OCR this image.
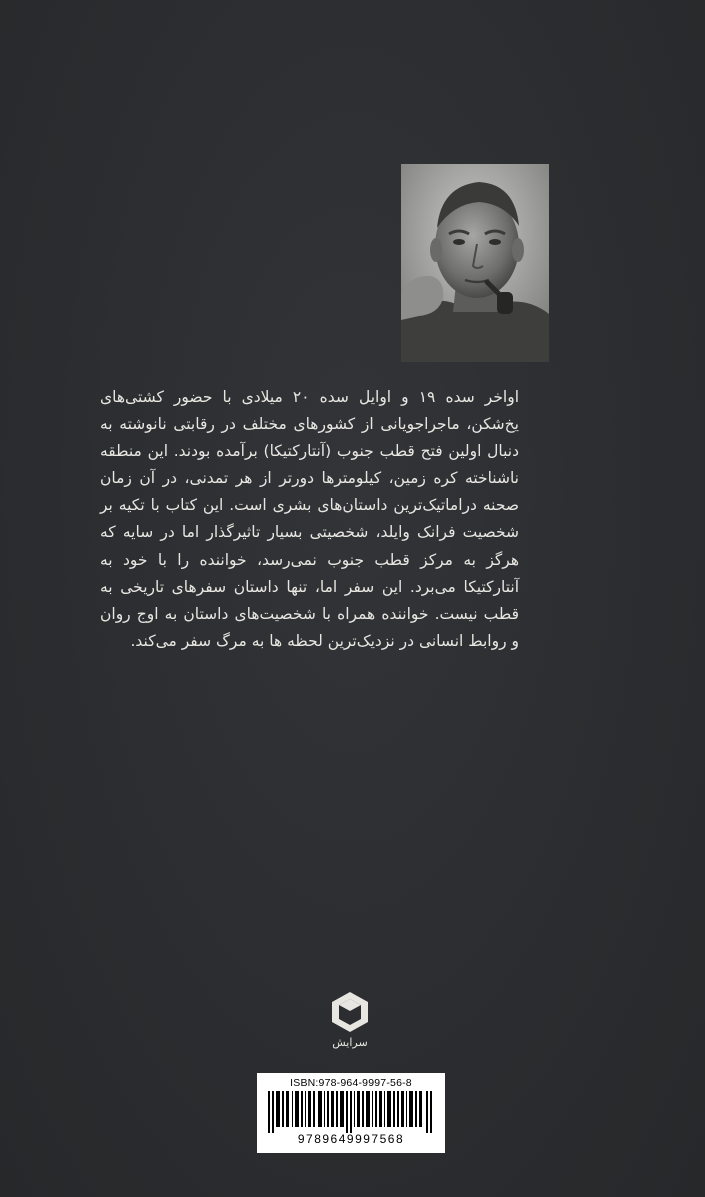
اواخر سده ۱۹ و اوایل سده ۲۰ میلادی با حضور کشتی‌های یخ‌شکن، ماجراجویانی از کشورهای مختلف در رقابتی نانوشته به دنبال اولین فتح قطب جنوب (آنتارکتیکا) برآمده بودند. این منطقه ناشناخته کره زمین، کیلومترها دورتر از هر تمدنی، در آن زمان صحنه دراماتیک‌ترین داستان‌های بشری است. این کتاب با تکیه بر شخصیت فرانک وایلد، شخصیتی بسیار تاثیرگذار اما در سایه که هرگز به مرکز قطب جنوب نمی‌رسد، خواننده را با خود به آنتارکتیکا می‌برد. این سفر اما، تنها داستان سفرهای تاریخی به قطب نیست. خواننده همراه با شخصیت‌های داستان به اوج روان و روابط انسانی در نزدیک‌ترین لحظه ها به مرگ سفر می‌کند.

سرایش
ISBN:978-964-9997-56-8
9789649997568
